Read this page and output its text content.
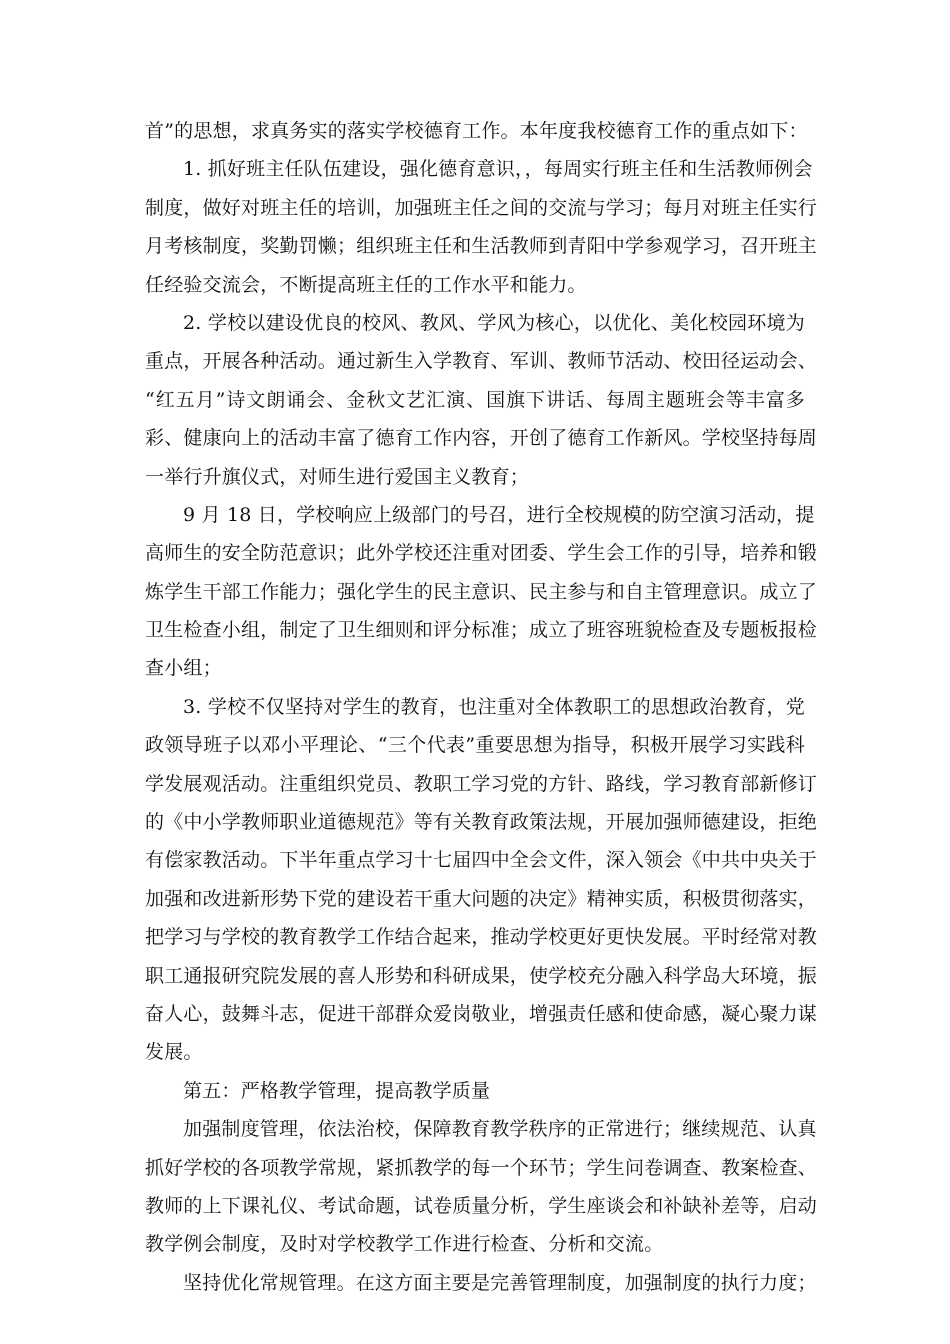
首”的思想，求真务实的落实学校德育工作。本年度我校德育工作的重点如下：
1. 抓好班主任队伍建设，强化德育意识，，每周实行班主任和生活教师例会
制度，做好对班主任的培训，加强班主任之间的交流与学习；每月对班主任实行
月考核制度，奖勤罚懒；组织班主任和生活教师到青阳中学参观学习，召开班主
任经验交流会，不断提高班主任的工作水平和能力。
2. 学校以建设优良的校风、教风、学风为核心，以优化、美化校园环境为
重点，开展各种活动。通过新生入学教育、军训、教师节活动、校田径运动会、
“红五月”诗文朗诵会、金秋文艺汇演、国旗下讲话、每周主题班会等丰富多
彩、健康向上的活动丰富了德育工作内容，开创了德育工作新风。学校坚持每周
一举行升旗仪式，对师生进行爱国主义教育；
9 月 18 日，学校响应上级部门的号召，进行全校规模的防空演习活动，提
高师生的安全防范意识；此外学校还注重对团委、学生会工作的引导，培养和锻
炼学生干部工作能力；强化学生的民主意识、民主参与和自主管理意识。成立了
卫生检查小组，制定了卫生细则和评分标准；成立了班容班貌检查及专题板报检
查小组；
3. 学校不仅坚持对学生的教育，也注重对全体教职工的思想政治教育，党
政领导班子以邓小平理论、“三个代表”重要思想为指导，积极开展学习实践科
学发展观活动。注重组织党员、教职工学习党的方针、路线，学习教育部新修订
的《中小学教师职业道德规范》等有关教育政策法规，开展加强师德建设，拒绝
有偿家教活动。下半年重点学习十七届四中全会文件，深入领会《中共中央关于
加强和改进新形势下党的建设若干重大问题的决定》精神实质，积极贯彻落实，
把学习与学校的教育教学工作结合起来，推动学校更好更快发展。平时经常对教
职工通报研究院发展的喜人形势和科研成果，使学校充分融入科学岛大环境，振
奋人心，鼓舞斗志，促进干部群众爱岗敬业，增强责任感和使命感，凝心聚力谋
发展。
第五：严格教学管理，提高教学质量
加强制度管理，依法治校，保障教育教学秩序的正常进行；继续规范、认真
抓好学校的各项教学常规，紧抓教学的每一个环节；学生问卷调查、教案检查、
教师的上下课礼仪、考试命题，试卷质量分析，学生座谈会和补缺补差等，启动
教学例会制度，及时对学校教学工作进行检查、分析和交流。
坚持优化常规管理。在这方面主要是完善管理制度，加强制度的执行力度；
